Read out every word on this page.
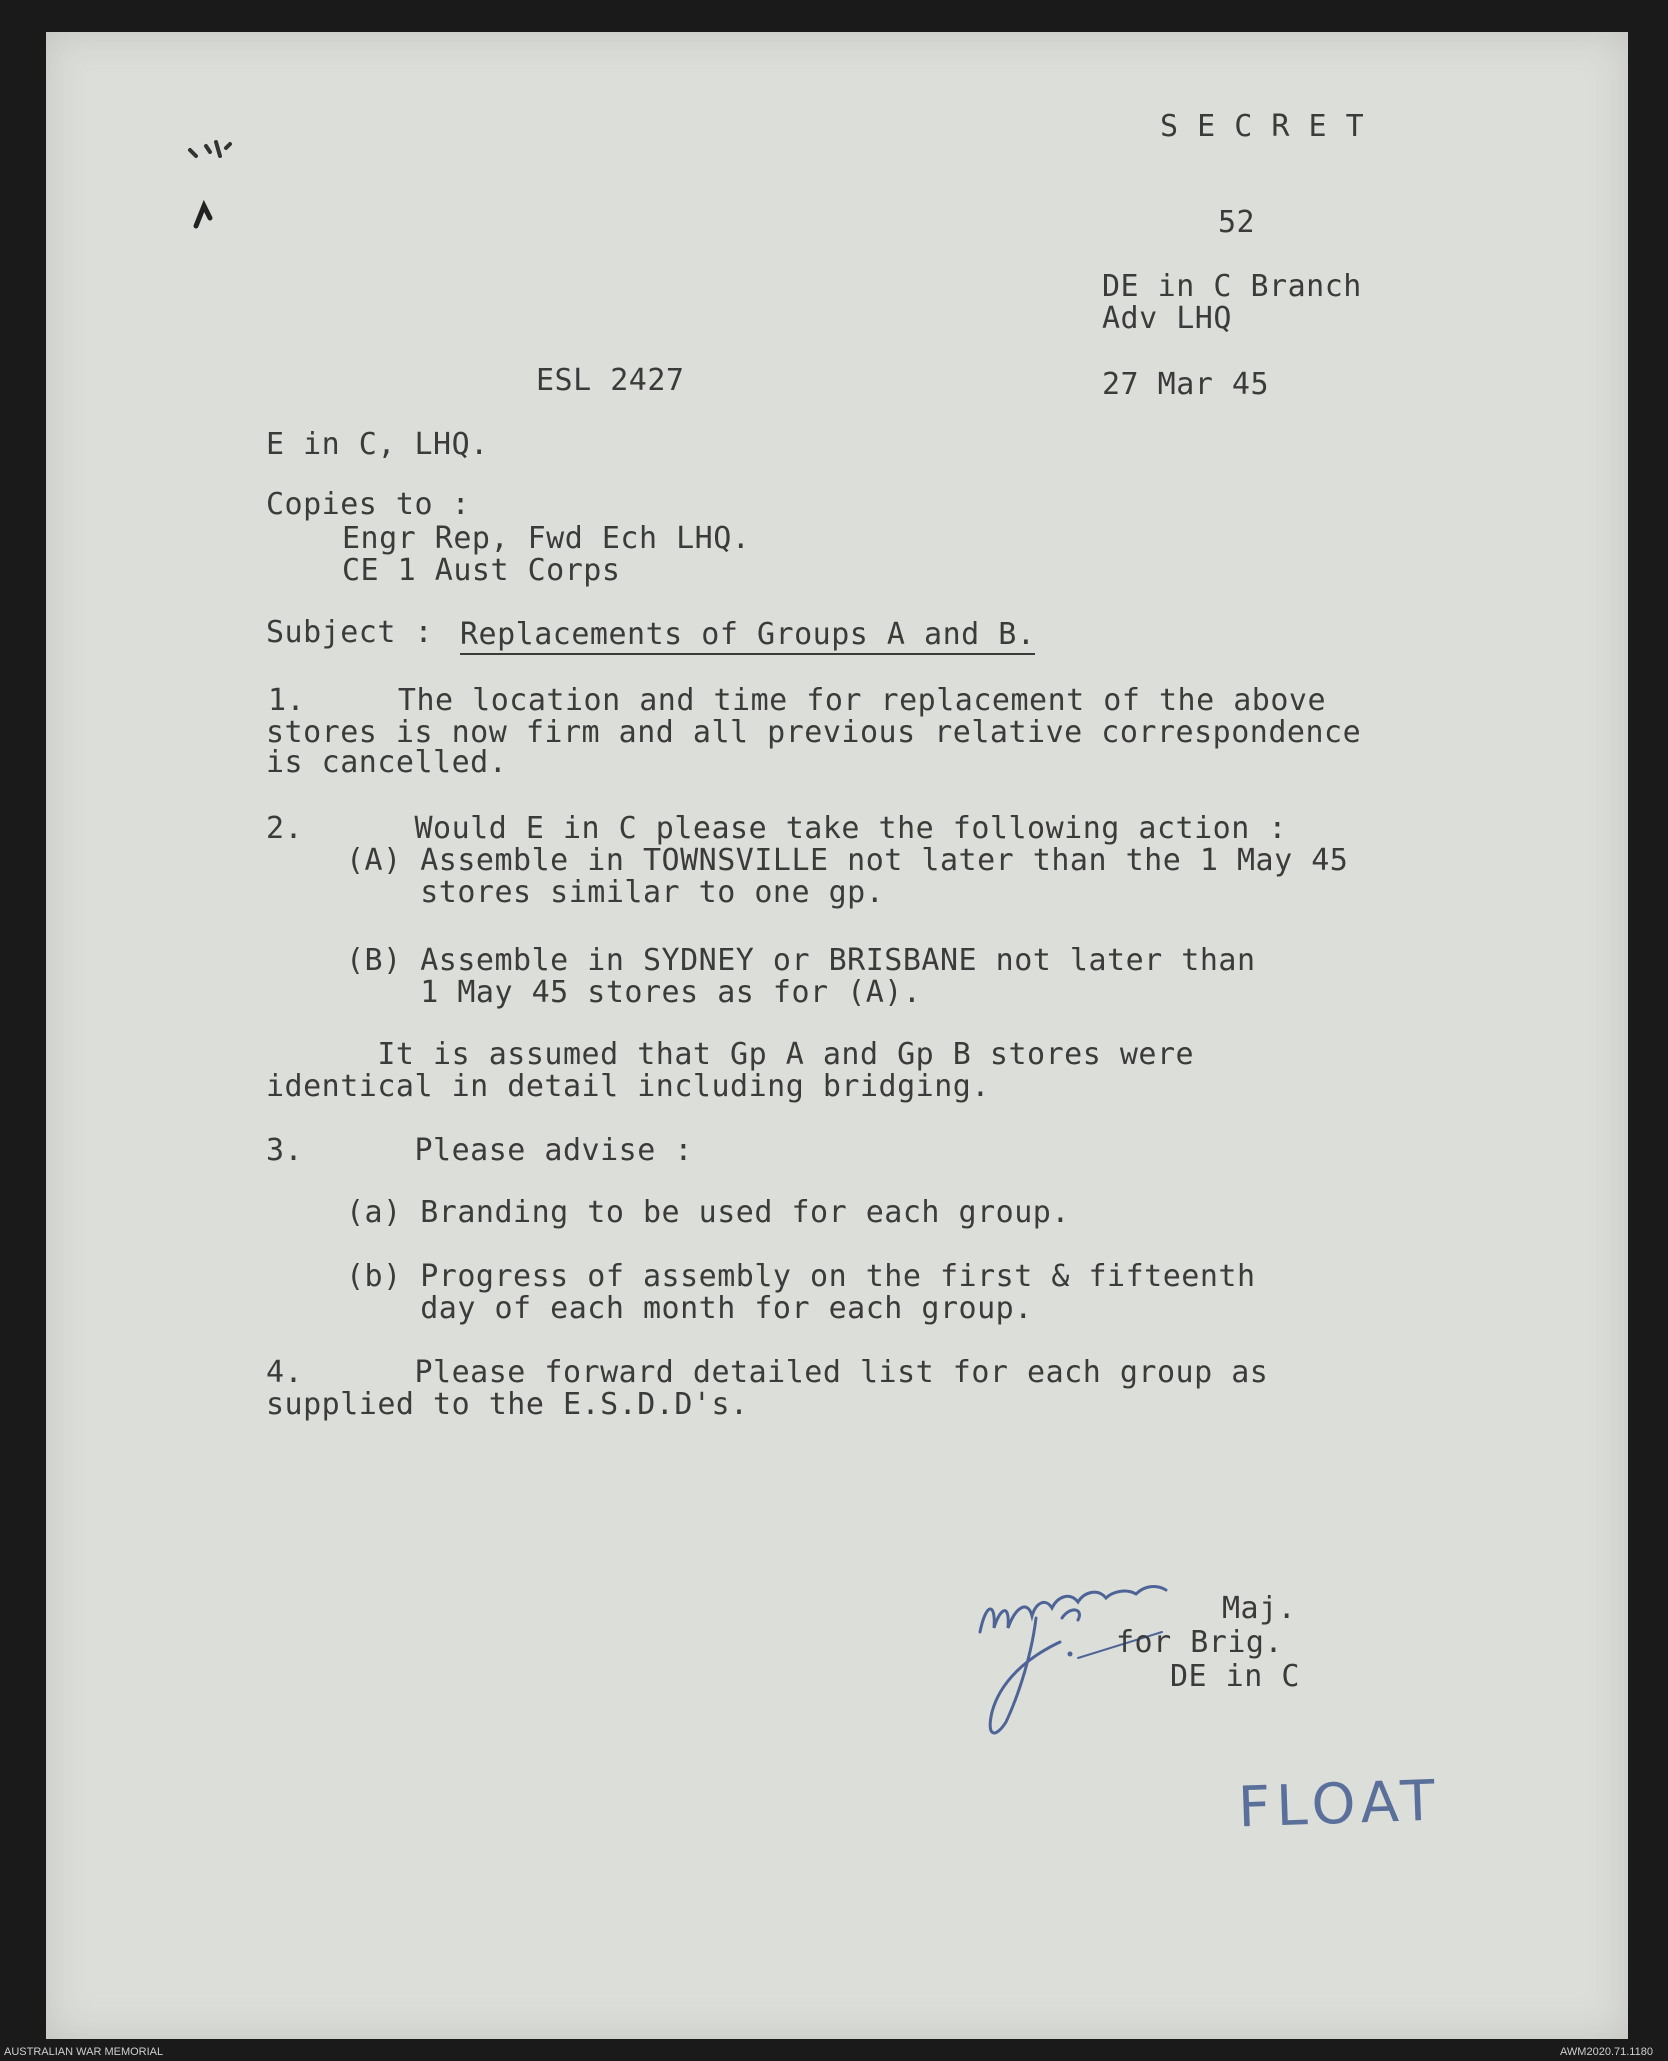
S E C R E T
52
DE in C Branch
Adv LHQ
ESL 2427	27 Mar 45
E in C, LHQ.
Copies to :
Engr Rep, Fwd Ech LHQ.
CE 1 Aust Corps
Subject : Replacements of Groups A and B.
1.     The location and time for replacement of the above
stores is now firm and all previous relative correspondence
is cancelled.
2.      Would E in C please take the following action :
(A) Assemble in TOWNSVILLE not later than the 1 May 45
stores similar to one gp.
(B) Assemble in SYDNEY or BRISBANE not later than
1 May 45 stores as for (A).
It is assumed that Gp A and Gp B stores were
identical in detail including bridging.
3.      Please advise :
(a) Branding to be used for each group.
(b) Progress of assembly on the first & fifteenth
day of each month for each group.
4.      Please forward detailed list for each group as
supplied to the E.S.D.D's.
Maj.
for Brig.
DE in C
FLOAT
AUSTRALIAN WAR MEMORIAL	AWM2020.71.1180
